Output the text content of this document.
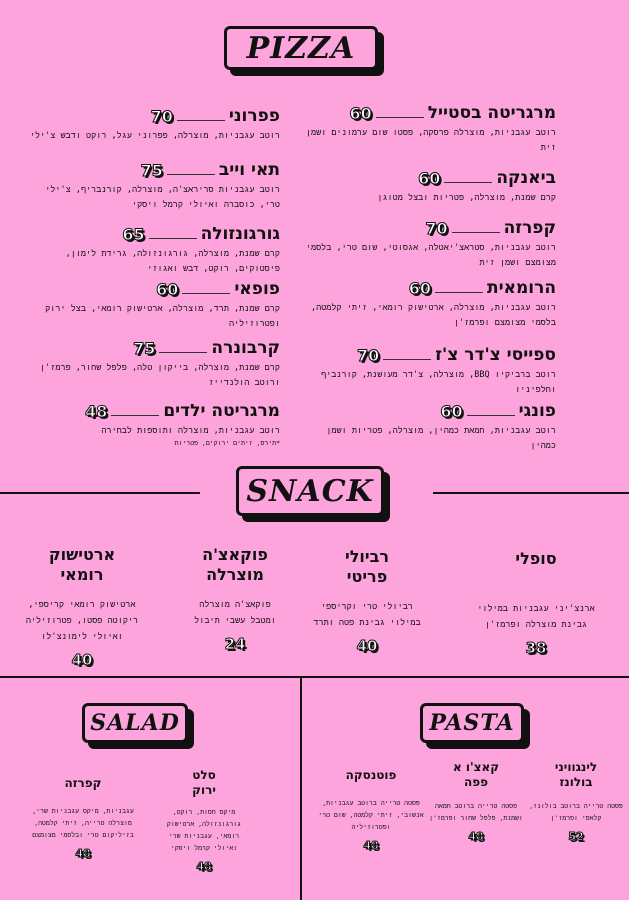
PIZZA
מרגריטה בסטייל
60
רוטב עגבניות, מוצרלה פרסקה, פסטו שום ערמונים ושמן זית
ביאנקה
60
קרם שמנת, מוצרלה, פטריות ובצל מטוגן
קפרזה
70
רוטב עגבניות, סטראצ'יאטלה, אגסוטי, שום טרי, בלסמי מצומצם ושמן זית
הרומאית
60
רוטב עגבניות, מוצרלה, ארטישוק רומאי, זיתי קלמטה, בלסמי מצומצם ופרמז'ן
ספייסי צ'דר צ'ז
70
רוטב ברביקיו BBQ, מוצרלה, צ'דר מעושנת, קורנביף וחלפיניו
פונגי
60
רוטב עגבניות, חמאת כמהין, מוצרלה, פטריות ושמן כמהין
פפרוני
70
רוטב עגבניות, מוצרלה, פפרוני עגל, רוקט ודבש צ'ילי
תאי וייב
75
רוטב עגבניות סריראצ'ה, מוצרלה, קורנבריף, צ'ילי טרי, כוסברה ואיולי קרמל ויסקי
גורגונזולה
65
קרם שמנת, מוצרלה, גורגונזולה, גרידת לימון, פיסטוקים, רוקט, דבש ואגוזי
פופאי
60
קרם שמנת, תרד, מוצרלה, ארטישוק רומאי, בצל ירוק ופטרוזיליה
קרבונרה
75
קרם שמנת, מוצרלה, בייקון טלה, פלפל שחור, פרמז'ן ורוטב הולנדייז
מרגריטה ילדים
48
רוטב עגבניות, מוצרלה ותוספות לבחירה
*תירס, זיתים ירוקים, פטריות
SNACK
סופלי
ארנצ'יני עגבניות במילוי גבינת מוצרלה ופרמז'ן
38
רביולי פריטי
רביולי טרי וקריספי במילוי גבינת פטה ותרד
40
פוקאצ'ה מוצרלה
פוקאצ'ה מוצרלה ומטבל עשבי תיבול
24
ארטישוק רומאי
ארטישוק רומאי קריספי, ריקוטה פסטו, פטרוזיליה ואיולי לימונצ'לו
40
SALAD	PASTA
סלט ירוק
מיקס חסות, רוקט, גורגונזולה, ארטישוק רומאי, עגבניות שרי ואיולי קרמל ויסקי
48
קפרזה
עגבניות, מיקס עגבניות שרי, מוצרלה טרייה, זיתי קלמטה, בזיליקום טרי ובלסמי מצומצם
48
לינגוויני בולונז
פסטה טרייה ברוטב בולונז, קלאסי ופרמז'ן
52
קאצ'ו א פפה
פסטה טרייה ברוטב חמאה ושמנת, פלפל שחור ופרמז'ן
48
פוטנסקה
פסטה טרייה ברוטב עגבניות, אנשובי, זיתי קלמטה, שום טרי ופטרוזיליה
48
